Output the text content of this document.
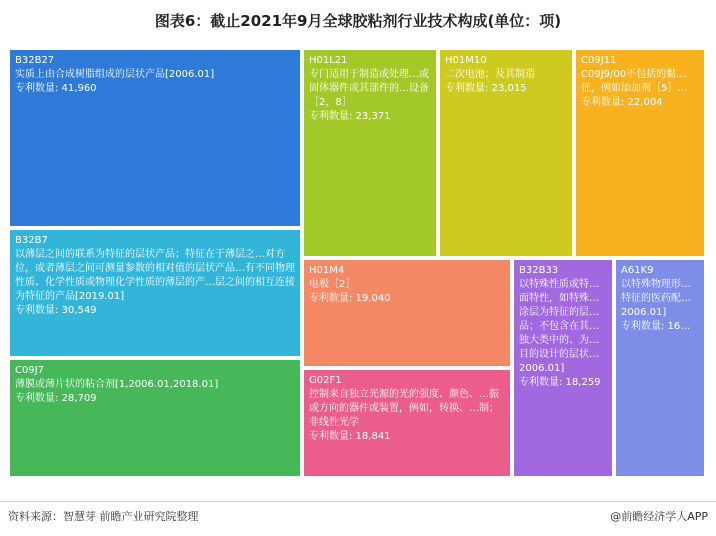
图表6：截止2021年9月全球胶粘剂行业技术构成(单位：项)
B32B27
实质上由合成树脂组成的层状产品[2006.01]
专利数量: 41,960
B32B7
以薄层之间的联系为特征的层状产品；特征在于薄层之…对方位，或者薄层之间可测量参数的相对值的层状产品…有不同物理性质、化学性质或物理化学性质的薄层的产…层之间的相互连接为特征的产品[2019.01]
专利数量: 30,549
C09J7
薄膜或薄片状的粘合剂[1,2006.01,2018.01]
专利数量: 28,709
H01L21
专门适用于制造或处理…或固体器件或其部件的…设备［2，8］
专利数量: 23,371
H01M10
二次电池；及其制造
专利数量: 23,015
C09J11
C09J9/00不包括的黏…征，例如添加剂［5］…
专利数量: 22,004
H01M4
电极［2］
专利数量: 19,040
G02F1
控制来自独立光源的光的强度、颜色、…振或方向的器件或装置，例如，转换、…制；非线性光学
专利数量: 18,841
B32B33
以特殊性质或特…面特性，如特殊…涂层为特征的层…品；不包含在其…独大类中的、为…目的设计的层状…2006.01]
专利数量: 18,259
A61K9
以特殊物理形…特征的医药配…2006.01]
专利数量: 16…
资料来源：智慧芽 前瞻产业研究院整理	@前瞻经济学人APP
